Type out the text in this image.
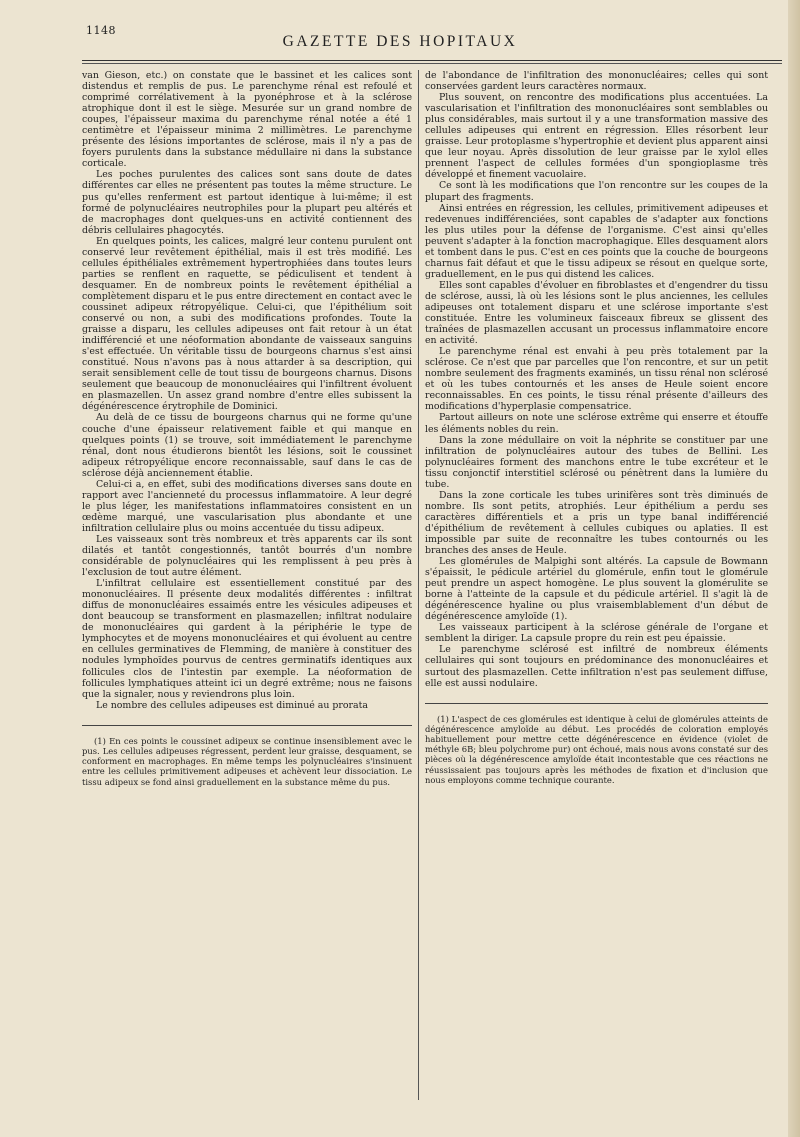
1148
GAZETTE DES HOPITAUX

van Gieson, etc.) on constate que le bassinet et les calices sont distendus et remplis de pus. Le parenchyme rénal est refoulé et comprimé corrélativement à la pyonéphrose et à la sclérose atrophique dont il est le siège. Mesurée sur un grand nombre de coupes, l'épaisseur maxima du parenchyme rénal notée a été 1 centimètre et l'épaisseur minima 2 millimètres. Le parenchyme présente des lésions importantes de sclérose, mais il n'y a pas de foyers purulents dans la substance médullaire ni dans la substance corticale.

Les poches purulentes des calices sont sans doute de dates différentes car elles ne présentent pas toutes la même structure. Le pus qu'elles renferment est partout identique à lui-même; il est formé de polynucléaires neutrophiles pour la plupart peu altérés et de macrophages dont quelques-uns en activité contiennent des débris cellulaires phagocytés.

En quelques points, les calices, malgré leur contenu purulent ont conservé leur revêtement épithélial, mais il est très modifié. Les cellules épithéliales extrêmement hypertrophiées dans toutes leurs parties se renflent en raquette, se pédiculisent et tendent à desquamer. En de nombreux points le revêtement épithélial a complètement disparu et le pus entre directement en contact avec le coussinet adipeux rétropyélique. Celui-ci, que l'épithélium soit conservé ou non, a subi des modifications profondes. Toute la graisse a disparu, les cellules adipeuses ont fait retour à un état indifférencié et une néoformation abondante de vaisseaux sanguins s'est effectuée. Un véritable tissu de bourgeons charnus s'est ainsi constitué. Nous n'avons pas à nous attarder à sa description, qui serait sensiblement celle de tout tissu de bourgeons charnus. Disons seulement que beaucoup de mononucléaires qui l'infiltrent évoluent en plasmazellen. Un assez grand nombre d'entre elles subissent la dégénérescence érytrophile de Dominici.

Au delà de ce tissu de bourgeons charnus qui ne forme qu'une couche d'une épaisseur relativement faible et qui manque en quelques points (1) se trouve, soit immédiatement le parenchyme rénal, dont nous étudierons bientôt les lésions, soit le coussinet adipeux rétropyélique encore reconnaissable, sauf dans le cas de sclérose déjà anciennement établie.

Celui-ci a, en effet, subi des modifications diverses sans doute en rapport avec l'ancienneté du processus inflammatoire. A leur degré le plus léger, les manifestations inflammatoires consistent en un œdème marqué, une vascularisation plus abondante et une infiltration cellulaire plus ou moins accentuée du tissu adipeux.

Les vaisseaux sont très nombreux et très apparents car ils sont dilatés et tantôt congestionnés, tantôt bourrés d'un nombre considérable de polynucléaires qui les remplissent à peu près à l'exclusion de tout autre élément.

L'infiltrat cellulaire est essentiellement constitué par des mononucléaires. Il présente deux modalités différentes : infiltrat diffus de mononucléaires essaimés entre les vésicules adipeuses et dont beaucoup se transforment en plasmazellen; infiltrat nodulaire de mononucléaires qui gardent à la périphérie le type de lymphocytes et de moyens mononucléaires et qui évoluent au centre en cellules germinatives de Flemming, de manière à constituer des nodules lymphoïdes pourvus de centres germinatifs identiques aux follicules clos de l'intestin par exemple. La néoformation de follicules lymphatiques atteint ici un degré extrême; nous ne faisons que la signaler, nous y reviendrons plus loin.

Le nombre des cellules adipeuses est diminué au prorata

(1) En ces points le coussinet adipeux se continue insensiblement avec le pus. Les cellules adipeuses régressent, perdent leur graisse, desquament, se conforment en macrophages. En même temps les polynucléaires s'insinuent entre les cellules primitivement adipeuses et achèvent leur dissociation. Le tissu adipeux se fond ainsi graduellement en la substance même du pus.

de l'abondance de l'infiltration des mononucléaires; celles qui sont conservées gardent leurs caractères normaux.

Plus souvent, on rencontre des modifications plus accentuées. La vascularisation et l'infiltration des mononucléaires sont semblables ou plus considérables, mais surtout il y a une transformation massive des cellules adipeuses qui entrent en régression. Elles résorbent leur graisse. Leur protoplasme s'hypertrophie et devient plus apparent ainsi que leur noyau. Après dissolution de leur graisse par le xylol elles prennent l'aspect de cellules formées d'un spongioplasme très développé et finement vacuolaire.

Ce sont là les modifications que l'on rencontre sur les coupes de la plupart des fragments.

Ainsi entrées en régression, les cellules, primitivement adipeuses et redevenues indifférenciées, sont capables de s'adapter aux fonctions les plus utiles pour la défense de l'organisme. C'est ainsi qu'elles peuvent s'adapter à la fonction macrophagique. Elles desquament alors et tombent dans le pus. C'est en ces points que la couche de bourgeons charnus fait défaut et que le tissu adipeux se résout en quelque sorte, graduellement, en le pus qui distend les calices.

Elles sont capables d'évoluer en fibroblastes et d'engendrer du tissu de sclérose, aussi, là où les lésions sont le plus anciennes, les cellules adipeuses ont totalement disparu et une sclérose importante s'est constituée. Entre les volumineux faisceaux fibreux se glissent des traînées de plasmazellen accusant un processus inflammatoire encore en activité.

Le parenchyme rénal est envahi à peu près totalement par la sclérose. Ce n'est que par parcelles que l'on rencontre, et sur un petit nombre seulement des fragments examinés, un tissu rénal non sclérosé et où les tubes contournés et les anses de Heule soient encore reconnaissables. En ces points, le tissu rénal présente d'ailleurs des modifications d'hyperplasie compensatrice.

Partout ailleurs on note une sclérose extrême qui enserre et étouffe les éléments nobles du rein.

Dans la zone médullaire on voit la néphrite se constituer par une infiltration de polynucléaires autour des tubes de Bellini. Les polynucléaires forment des manchons entre le tube excréteur et le tissu conjonctif interstitiel sclérosé ou pénètrent dans la lumière du tube.

Dans la zone corticale les tubes urinifères sont très diminués de nombre. Ils sont petits, atrophiés. Leur épithélium a perdu ses caractères différentiels et a pris un type banal indifférencié d'épithélium de revêtement à cellules cubiques ou aplaties. Il est impossible par suite de reconnaître les tubes contournés ou les branches des anses de Heule.

Les glomérules de Malpighi sont altérés. La capsule de Bowmann s'épaissit, le pédicule artériel du glomérule, enfin tout le glomérule peut prendre un aspect homogène. Le plus souvent la glomérulite se borne à l'atteinte de la capsule et du pédicule artériel. Il s'agit là de dégénérescence hyaline ou plus vraisemblablement d'un début de dégénérescence amyloïde (1).

Les vaisseaux participent à la sclérose générale de l'organe et semblent la diriger. La capsule propre du rein est peu épaissie.

Le parenchyme sclérosé est infiltré de nombreux éléments cellulaires qui sont toujours en prédominance des mononucléaires et surtout des plasmazellen. Cette infiltration n'est pas seulement diffuse, elle est aussi nodulaire.

(1) L'aspect de ces glomérules est identique à celui de glomérules atteints de dégénérescence amyloïde au début. Les procédés de coloration employés habituellement pour mettre cette dégénérescence en évidence (violet de méthyle 6B; bleu polychrome pur) ont échoué, mais nous avons constaté sur des pièces où la dégénérescence amyloïde était incontestable que ces réactions ne réussissaient pas toujours après les méthodes de fixation et d'inclusion que nous employons comme technique courante.
